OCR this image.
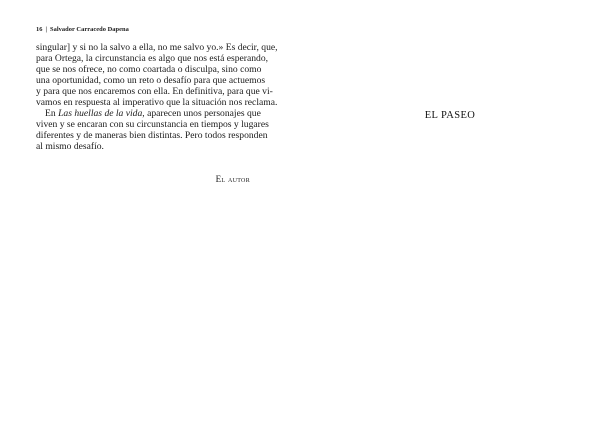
16 | Salvador Carracedo Dapena
singular] y si no la salvo a ella, no me salvo yo.» Es decir, que,
para Ortega, la circunstancia es algo que nos está esperando,
que se nos ofrece, no como coartada o disculpa, sino como
una oportunidad, como un reto o desafío para que actuemos
y para que nos encaremos con ella. En definitiva, para que vi-
vamos en respuesta al imperativo que la situación nos reclama.
En Las huellas de la vida, aparecen unos personajes que
viven y se encaran con su circunstancia en tiempos y lugares
diferentes y de maneras bien distintas. Pero todos responden
al mismo desafío.
El autor
EL PASEO
